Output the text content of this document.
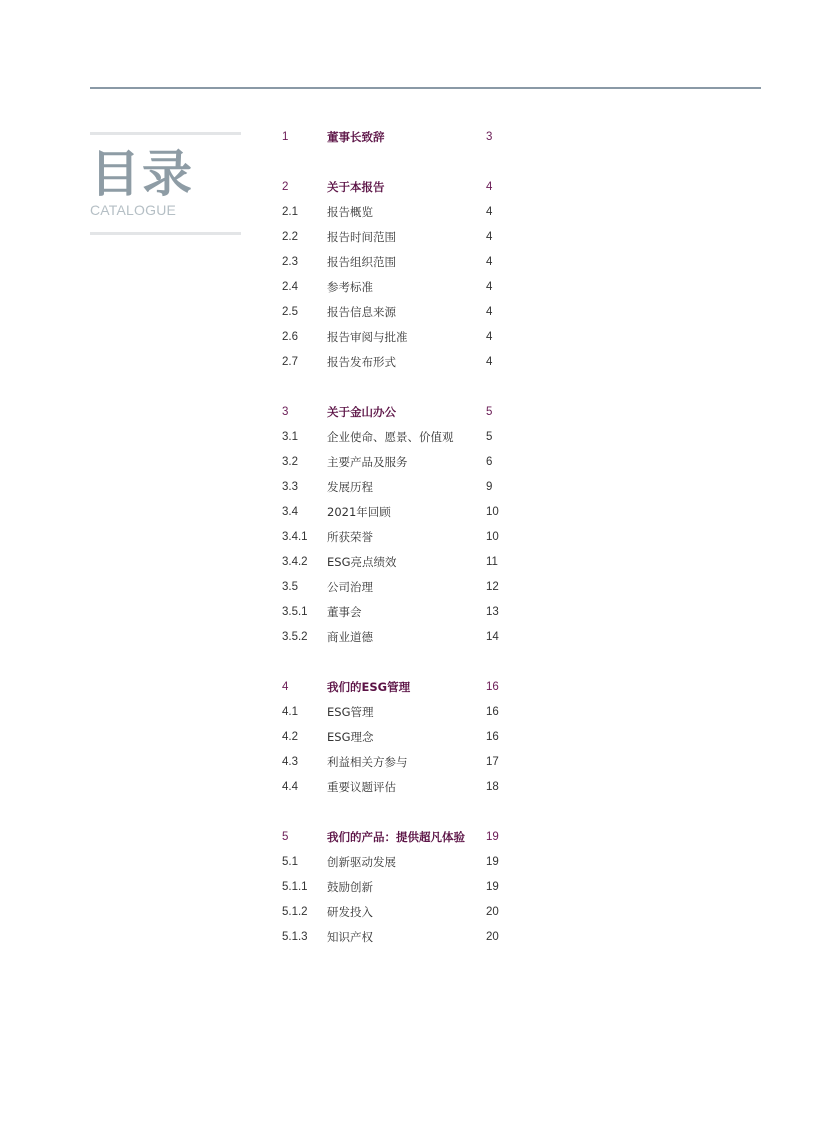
目录
CATALOGUE
1	董事长致辞	3
2	关于本报告	4
2.1	报告概览	4
2.2	报告时间范围	4
2.3	报告组织范围	4
2.4	参考标准	4
2.5	报告信息来源	4
2.6	报告审阅与批准	4
2.7	报告发布形式	4
3	关于金山办公	5
3.1	企业使命、愿景、价值观	5
3.2	主要产品及服务	6
3.3	发展历程	9
3.4	2021年回顾	10
3.4.1 所获荣誉	10
3.4.2 ESG亮点绩效	11
3.5	公司治理	12
3.5.1 董事会	13
3.5.2 商业道德	14
4	我们的ESG管理	16
4.1	ESG管理	16
4.2	ESG理念	16
4.3	利益相关方参与	17
4.4	重要议题评估	18
5	我们的产品：提供超凡体验 19
5.1	创新驱动发展	19
5.1.1 鼓励创新	19
5.1.2 研发投入	20
5.1.3 知识产权	20
